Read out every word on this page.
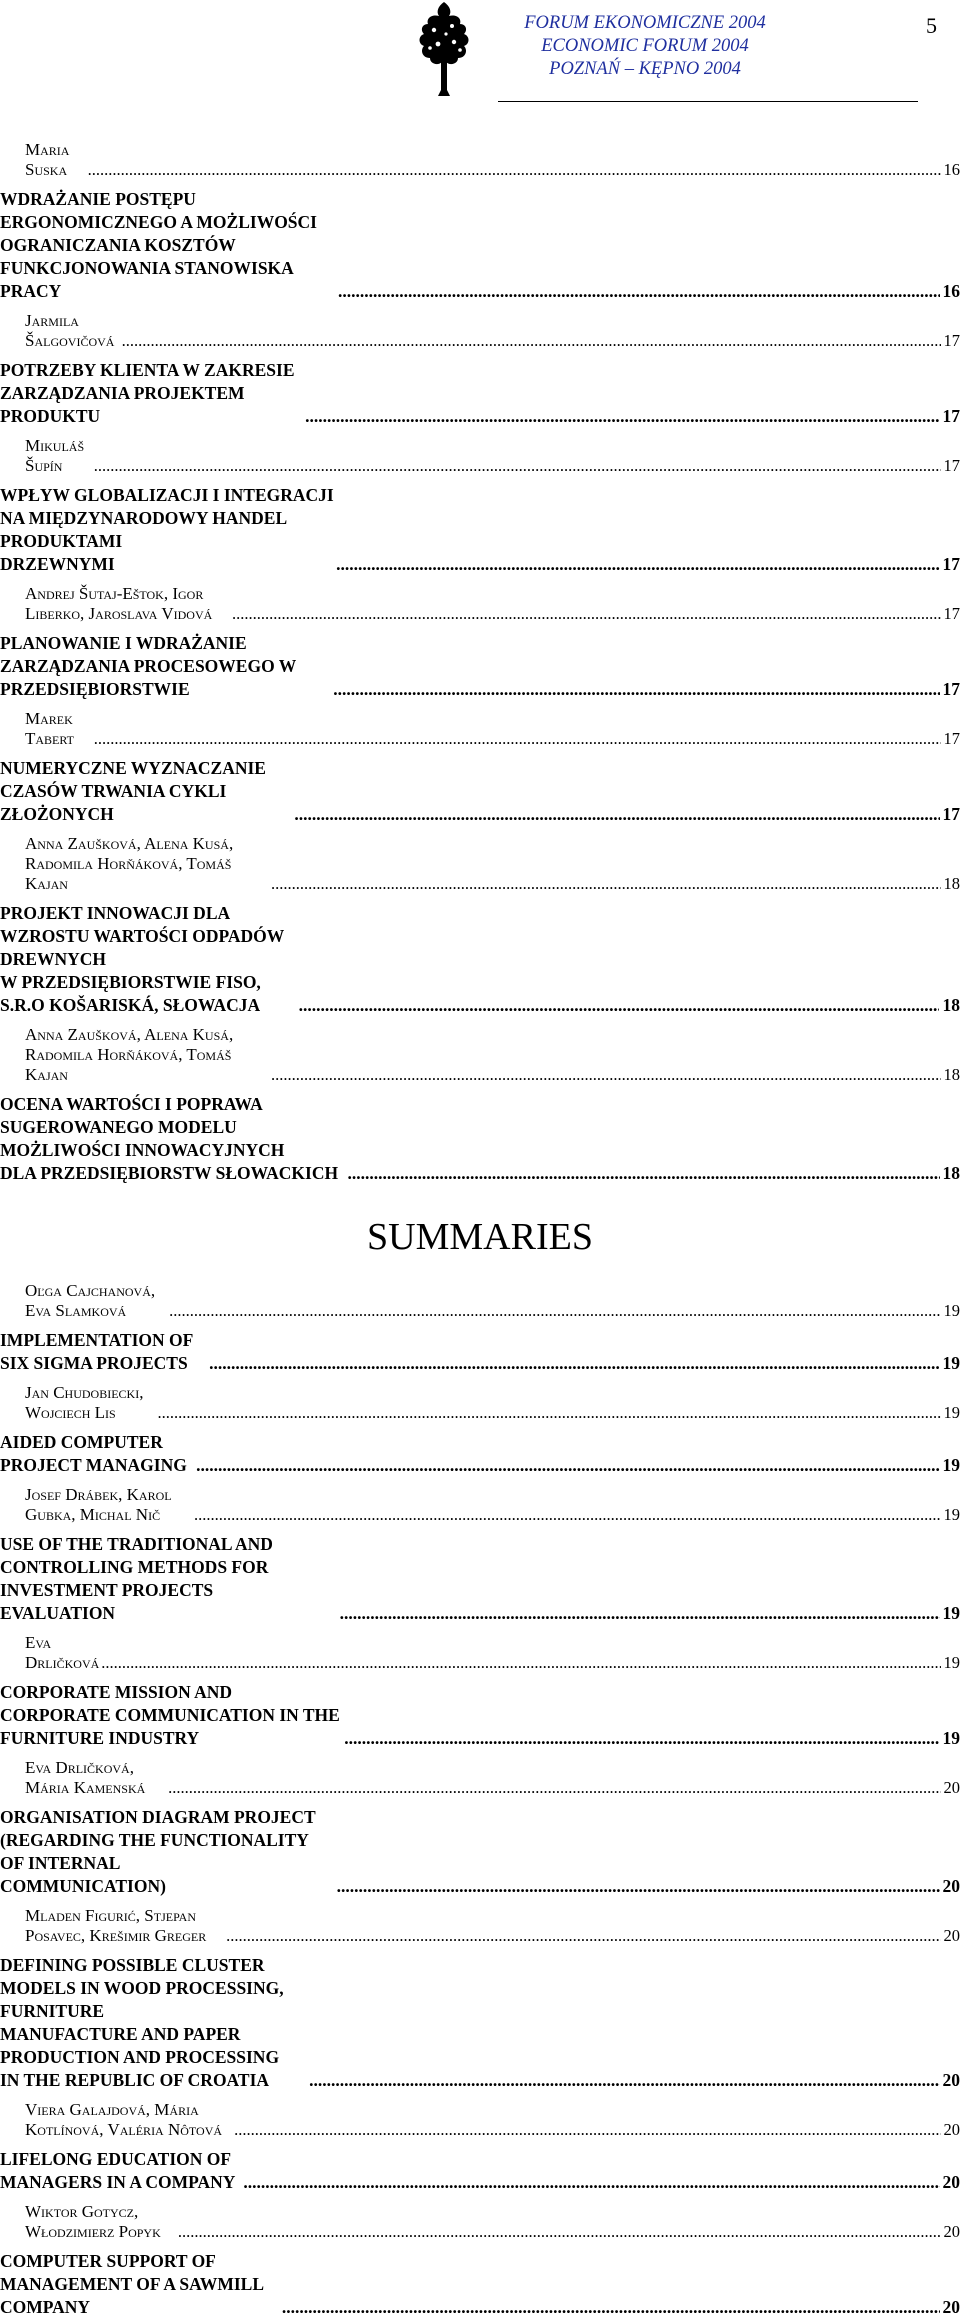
FORUM EKONOMICZNE 2004
ECONOMIC FORUM 2004
POZNAŃ – KĘPNO 2004
5
Maria Suska .....	16
WDRAŻANIE POSTĘPU ERGONOMICZNEGO A MOŻLIWOŚCI OGRANICZANIA KOSZTÓW
FUNKCJONOWANIA STANOWISKA PRACY .....	16
Jarmila Šalgovičová .....	17
POTRZEBY KLIENTA W ZAKRESIE ZARZĄDZANIA PROJEKTEM PRODUKTU .....	17
Mikuláš Šupín .....	17
WPŁYW GLOBALIZACJI I INTEGRACJI NA MIĘDZYNARODOWY HANDEL PRODUKTAMI
DRZEWNYMI .....	17
Andrej Šutaj-Eštok, Igor Liberko, Jaroslava Vidová .....	17
PLANOWANIE I WDRAŻANIE ZARZĄDZANIA PROCESOWEGO W PRZEDSIĘBIORSTWIE .....	17
Marek Tabert .....	17
NUMERYCZNE WYZNACZANIE CZASÓW TRWANIA CYKLI ZŁOŻONYCH .....	17
Anna Zaušková, Alena Kusá, Radomila Horňáková, Tomáš Kajan .....	18
PROJEKT INNOWACJI DLA WZROSTU WARTOŚCI ODPADÓW DREWNYCH
W PRZEDSIĘBIORSTWIE FISO, S.R.O KOŠARISKÁ, SŁOWACJA .....	18
Anna Zaušková, Alena Kusá, Radomila Horňáková, Tomáš Kajan .....	18
OCENA WARTOŚCI I POPRAWA SUGEROWANEGO MODELU MOŻLIWOŚCI INNOWACYJNYCH
DLA PRZEDSIĘBIORSTW SŁOWACKICH .....	18
SUMMARIES
Oľga Cajchanová, Eva Slamková .....	19
IMPLEMENTATION OF SIX SIGMA PROJECTS .....	19
Jan Chudobiecki, Wojciech Lis .....	19
AIDED COMPUTER PROJECT MANAGING .....	19
Josef Drábek, Karol Gubka, Michal Nič .....	19
USE OF THE TRADITIONAL AND CONTROLLING METHODS FOR INVESTMENT PROJECTS
EVALUATION .....	19
Eva Drličková .....	19
CORPORATE MISSION AND CORPORATE COMMUNICATION IN THE FURNITURE INDUSTRY .....	19
Eva Drličková, Mária Kamenská .....	20
ORGANISATION DIAGRAM PROJECT (REGARDING THE FUNCTIONALITY OF INTERNAL
COMMUNICATION) .....	20
Mladen Figurić, Stjepan Posavec, Krešimir Greger .....	20
DEFINING POSSIBLE CLUSTER MODELS IN WOOD PROCESSING, FURNITURE
MANUFACTURE AND PAPER PRODUCTION AND PROCESSING
IN THE REPUBLIC OF CROATIA .....	20
Viera Galajdová, Mária Kotlínová, Valéria Nôtová .....	20
LIFELONG EDUCATION OF MANAGERS IN A COMPANY .....	20
Wiktor Gotycz, Włodzimierz Popyk .....	20
COMPUTER SUPPORT OF MANAGEMENT OF A SAWMILL COMPANY .....	20
